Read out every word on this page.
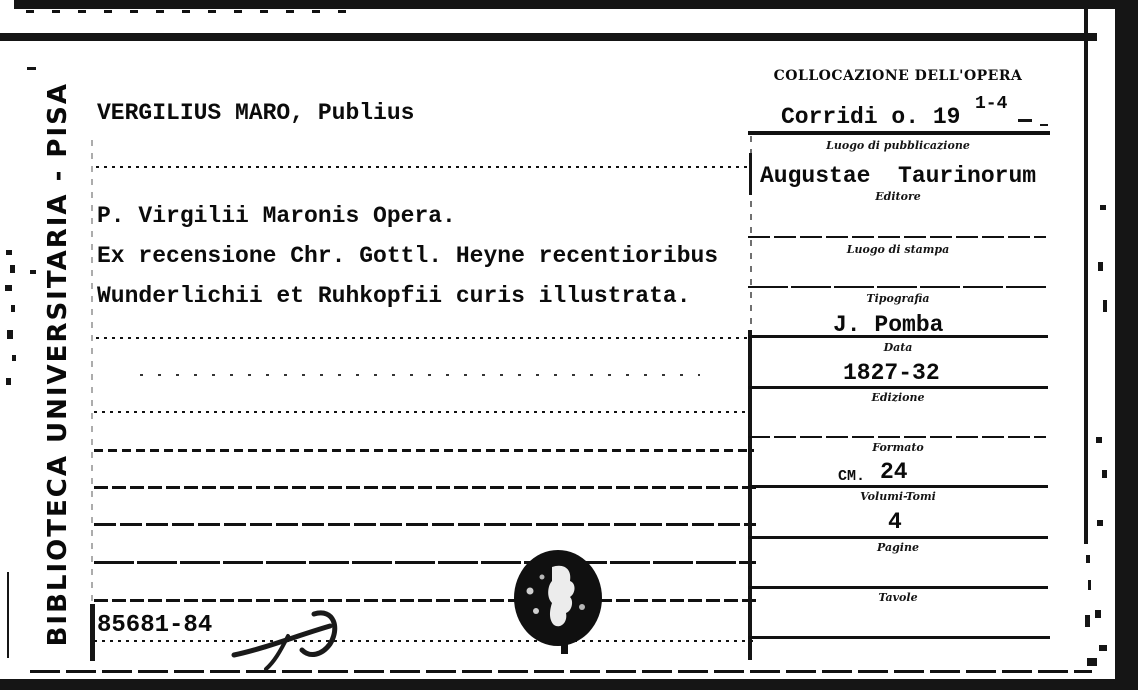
BIBLIOTECA UNIVERSITARIA - PISA VERGILIUS MARO, Publius
P. Virgilii Maronis Opera.
Ex recensione Chr. Gottl. Heyne recentioribus
Wunderlichii et Ruhkopfii curis illustrata.
COLLOCAZIONE DELL'OPERA
Corridi o. 19 1-4
Luogo di pubblicazione
Editore
Luogo di stampa
Tipografia
Data
Edizione
Formato
Volumi-Tomi
Pagine
Tavole
Augustae  Taurinorum
J. Pomba
1827-32
CM. 24
4
85681-84
